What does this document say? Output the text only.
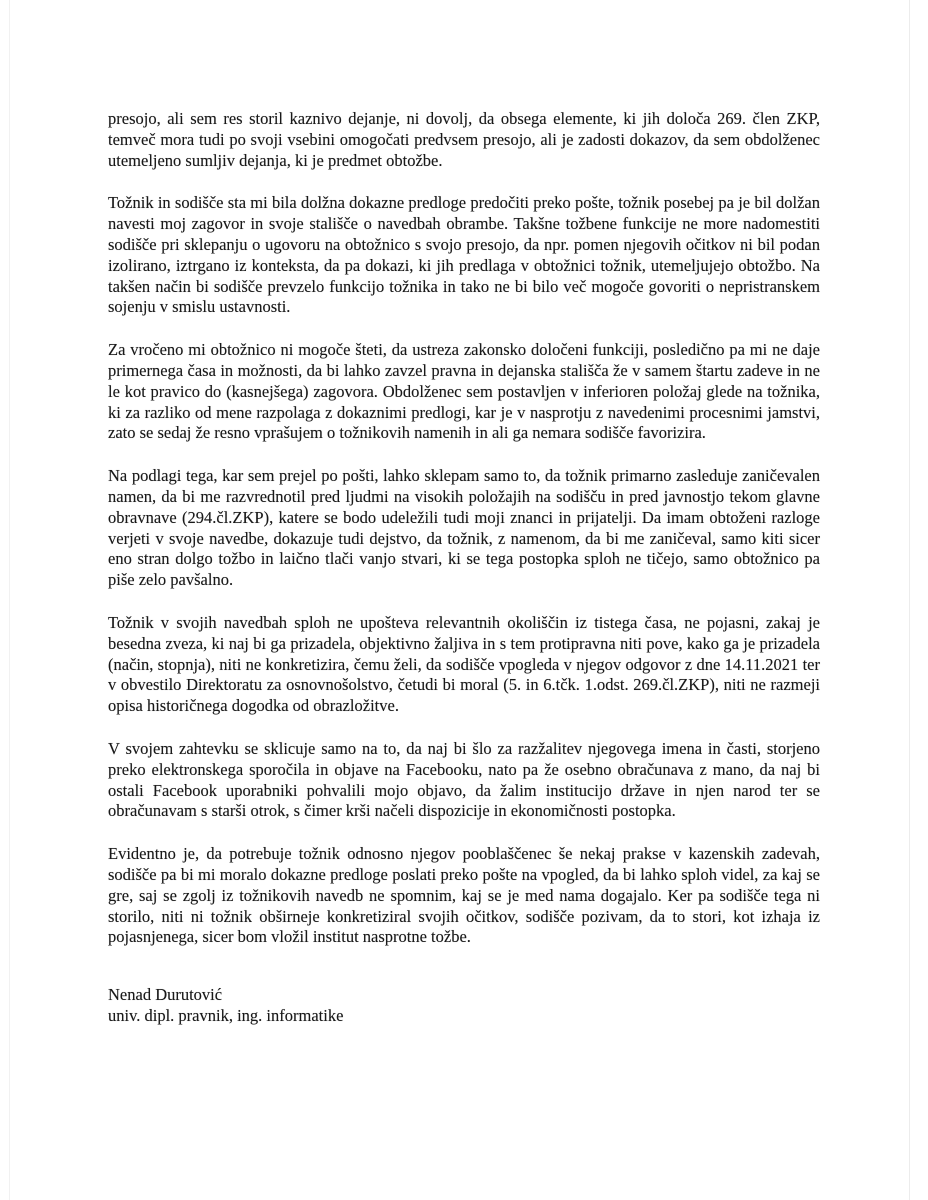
presojo, ali sem res storil kaznivo dejanje, ni dovolj, da obsega elemente, ki jih določa 269. člen ZKP, temveč mora tudi po svoji vsebini omogočati predvsem presojo, ali je zadosti dokazov, da sem obdolženec utemeljeno sumljiv dejanja, ki je predmet obtožbe.

Tožnik in sodišče sta mi bila dolžna dokazne predloge predočiti preko pošte, tožnik posebej pa je bil dolžan navesti moj zagovor in svoje stališče o navedbah obrambe. Takšne tožbene funkcije ne more nadomestiti sodišče pri sklepanju o ugovoru na obtožnico s svojo presojo, da npr. pomen njegovih očitkov ni bil podan izolirano, iztrgano iz konteksta, da pa dokazi, ki jih predlaga v obtožnici tožnik, utemeljujejo obtožbo. Na takšen način bi sodišče prevzelo funkcijo tožnika in tako ne bi bilo več mogoče govoriti o nepristranskem sojenju v smislu ustavnosti.

Za vročeno mi obtožnico ni mogoče šteti, da ustreza zakonsko določeni funkciji, posledično pa mi ne daje primernega časa in možnosti, da bi lahko zavzel pravna in dejanska stališča že v samem štartu zadeve in ne le kot pravico do (kasnejšega) zagovora. Obdolženec sem postavljen v inferioren položaj glede na tožnika, ki za razliko od mene razpolaga z dokaznimi predlogi, kar je v nasprotju z navedenimi procesnimi jamstvi, zato se sedaj že resno vprašujem o tožnikovih namenih in ali ga nemara sodišče favorizira.

Na podlagi tega, kar sem prejel po pošti, lahko sklepam samo to, da tožnik primarno zasleduje zaničevalen namen, da bi me razvrednotil pred ljudmi na visokih položajih na sodišču in pred javnostjo tekom glavne obravnave (294.čl.ZKP), katere se bodo udeležili tudi moji znanci in prijatelji. Da imam obtoženi razloge verjeti v svoje navedbe, dokazuje tudi dejstvo, da tožnik, z namenom, da bi me zaničeval, samo kiti sicer eno stran dolgo tožbo in laično tlači vanjo stvari, ki se tega postopka sploh ne tičejo, samo obtožnico pa piše zelo pavšalno.

Tožnik v svojih navedbah sploh ne upošteva relevantnih okoliščin iz tistega časa, ne pojasni, zakaj je besedna zveza, ki naj bi ga prizadela, objektivno žaljiva in s tem protipravna niti pove, kako ga je prizadela (način, stopnja), niti ne konkretizira, čemu želi, da sodišče vpogleda v njegov odgovor z dne 14.11.2021 ter v obvestilo Direktoratu za osnovnošolstvo, četudi bi moral (5. in 6.tčk. 1.odst. 269.čl.ZKP), niti ne razmeji opisa historičnega dogodka od obrazložitve.

V svojem zahtevku se sklicuje samo na to, da naj bi šlo za razžalitev njegovega imena in časti, storjeno preko elektronskega sporočila in objave na Facebooku, nato pa že osebno obračunava z mano, da naj bi ostali Facebook uporabniki pohvalili mojo objavo, da žalim institucijo države in njen narod ter se obračunavam s starši otrok, s čimer krši načeli dispozicije in ekonomičnosti postopka.

Evidentno je, da potrebuje tožnik odnosno njegov pooblaščenec še nekaj prakse v kazenskih zadevah, sodišče pa bi mi moralo dokazne predloge poslati preko pošte na vpogled, da bi lahko sploh videl, za kaj se gre, saj se zgolj iz tožnikovih navedb ne spomnim, kaj se je med nama dogajalo. Ker pa sodišče tega ni storilo, niti ni tožnik obširneje konkretiziral svojih očitkov, sodišče pozivam, da to stori, kot izhaja iz pojasnjenega, sicer bom vložil institut nasprotne tožbe.

Nenad Durutović
univ. dipl. pravnik, ing. informatike
